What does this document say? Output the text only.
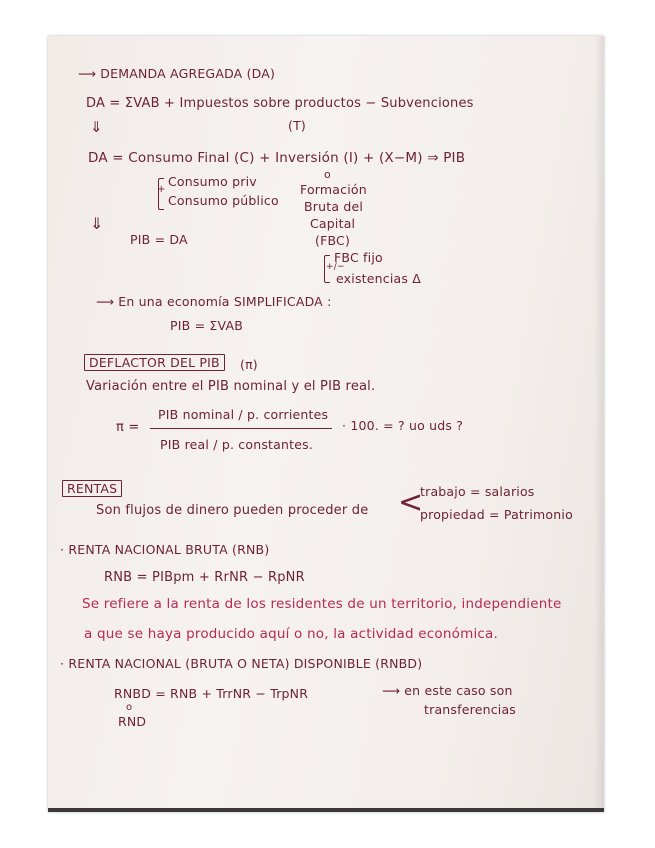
⟶ DEMANDA AGREGADA (DA)
DA = ΣVAB + Impuestos sobre productos − Subvenciones
(T)
⇓
DA = Consumo Final (C) + Inversión (I) + (X−M) ⇒ PIB
Consumo priv
+
Consumo público
o
Formación
Bruta del
Capital
(FBC)
FBC fijo
+/−
existencias Δ
⇓
PIB = DA
⟶ En una economía SIMPLIFICADA :
PIB = ΣVAB
DEFLACTOR DEL PIB	(π)
Variación entre el PIB nominal y el PIB real.
π =
PIB nominal / p. corrientes
PIB real / p. constantes.
· 100. = ? uo uds ?
RENTAS
Son flujos de dinero pueden proceder de <
trabajo = salarios
propiedad = Patrimonio
· RENTA NACIONAL BRUTA (RNB)
RNB = PIBpm + RrNR − RpNR
Se refiere a la renta de los residentes de un territorio, independiente
a que se haya producido aquí o no, la actividad económica.
· RENTA NACIONAL (BRUTA O NETA) DISPONIBLE (RNBD)
RNBD = RNB + TrrNR − TrpNR	⟶ en este caso son
transferencias
o
RND
